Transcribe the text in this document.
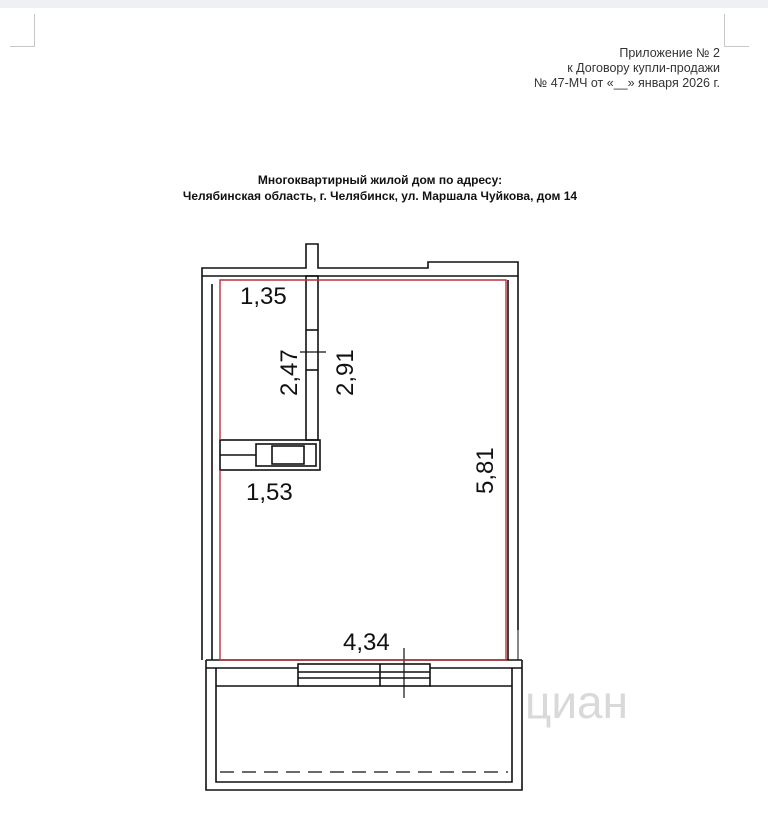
Приложение № 2
к Договору купли-продажи
№ 47-МЧ от «__» января 2026 г.
Многоквартирный жилой дом по адресу:
Челябинская область, г. Челябинск, ул. Маршала Чуйкова, дом 14
циан
1,35
2,47 2,91
1,53	5,81
4,34
